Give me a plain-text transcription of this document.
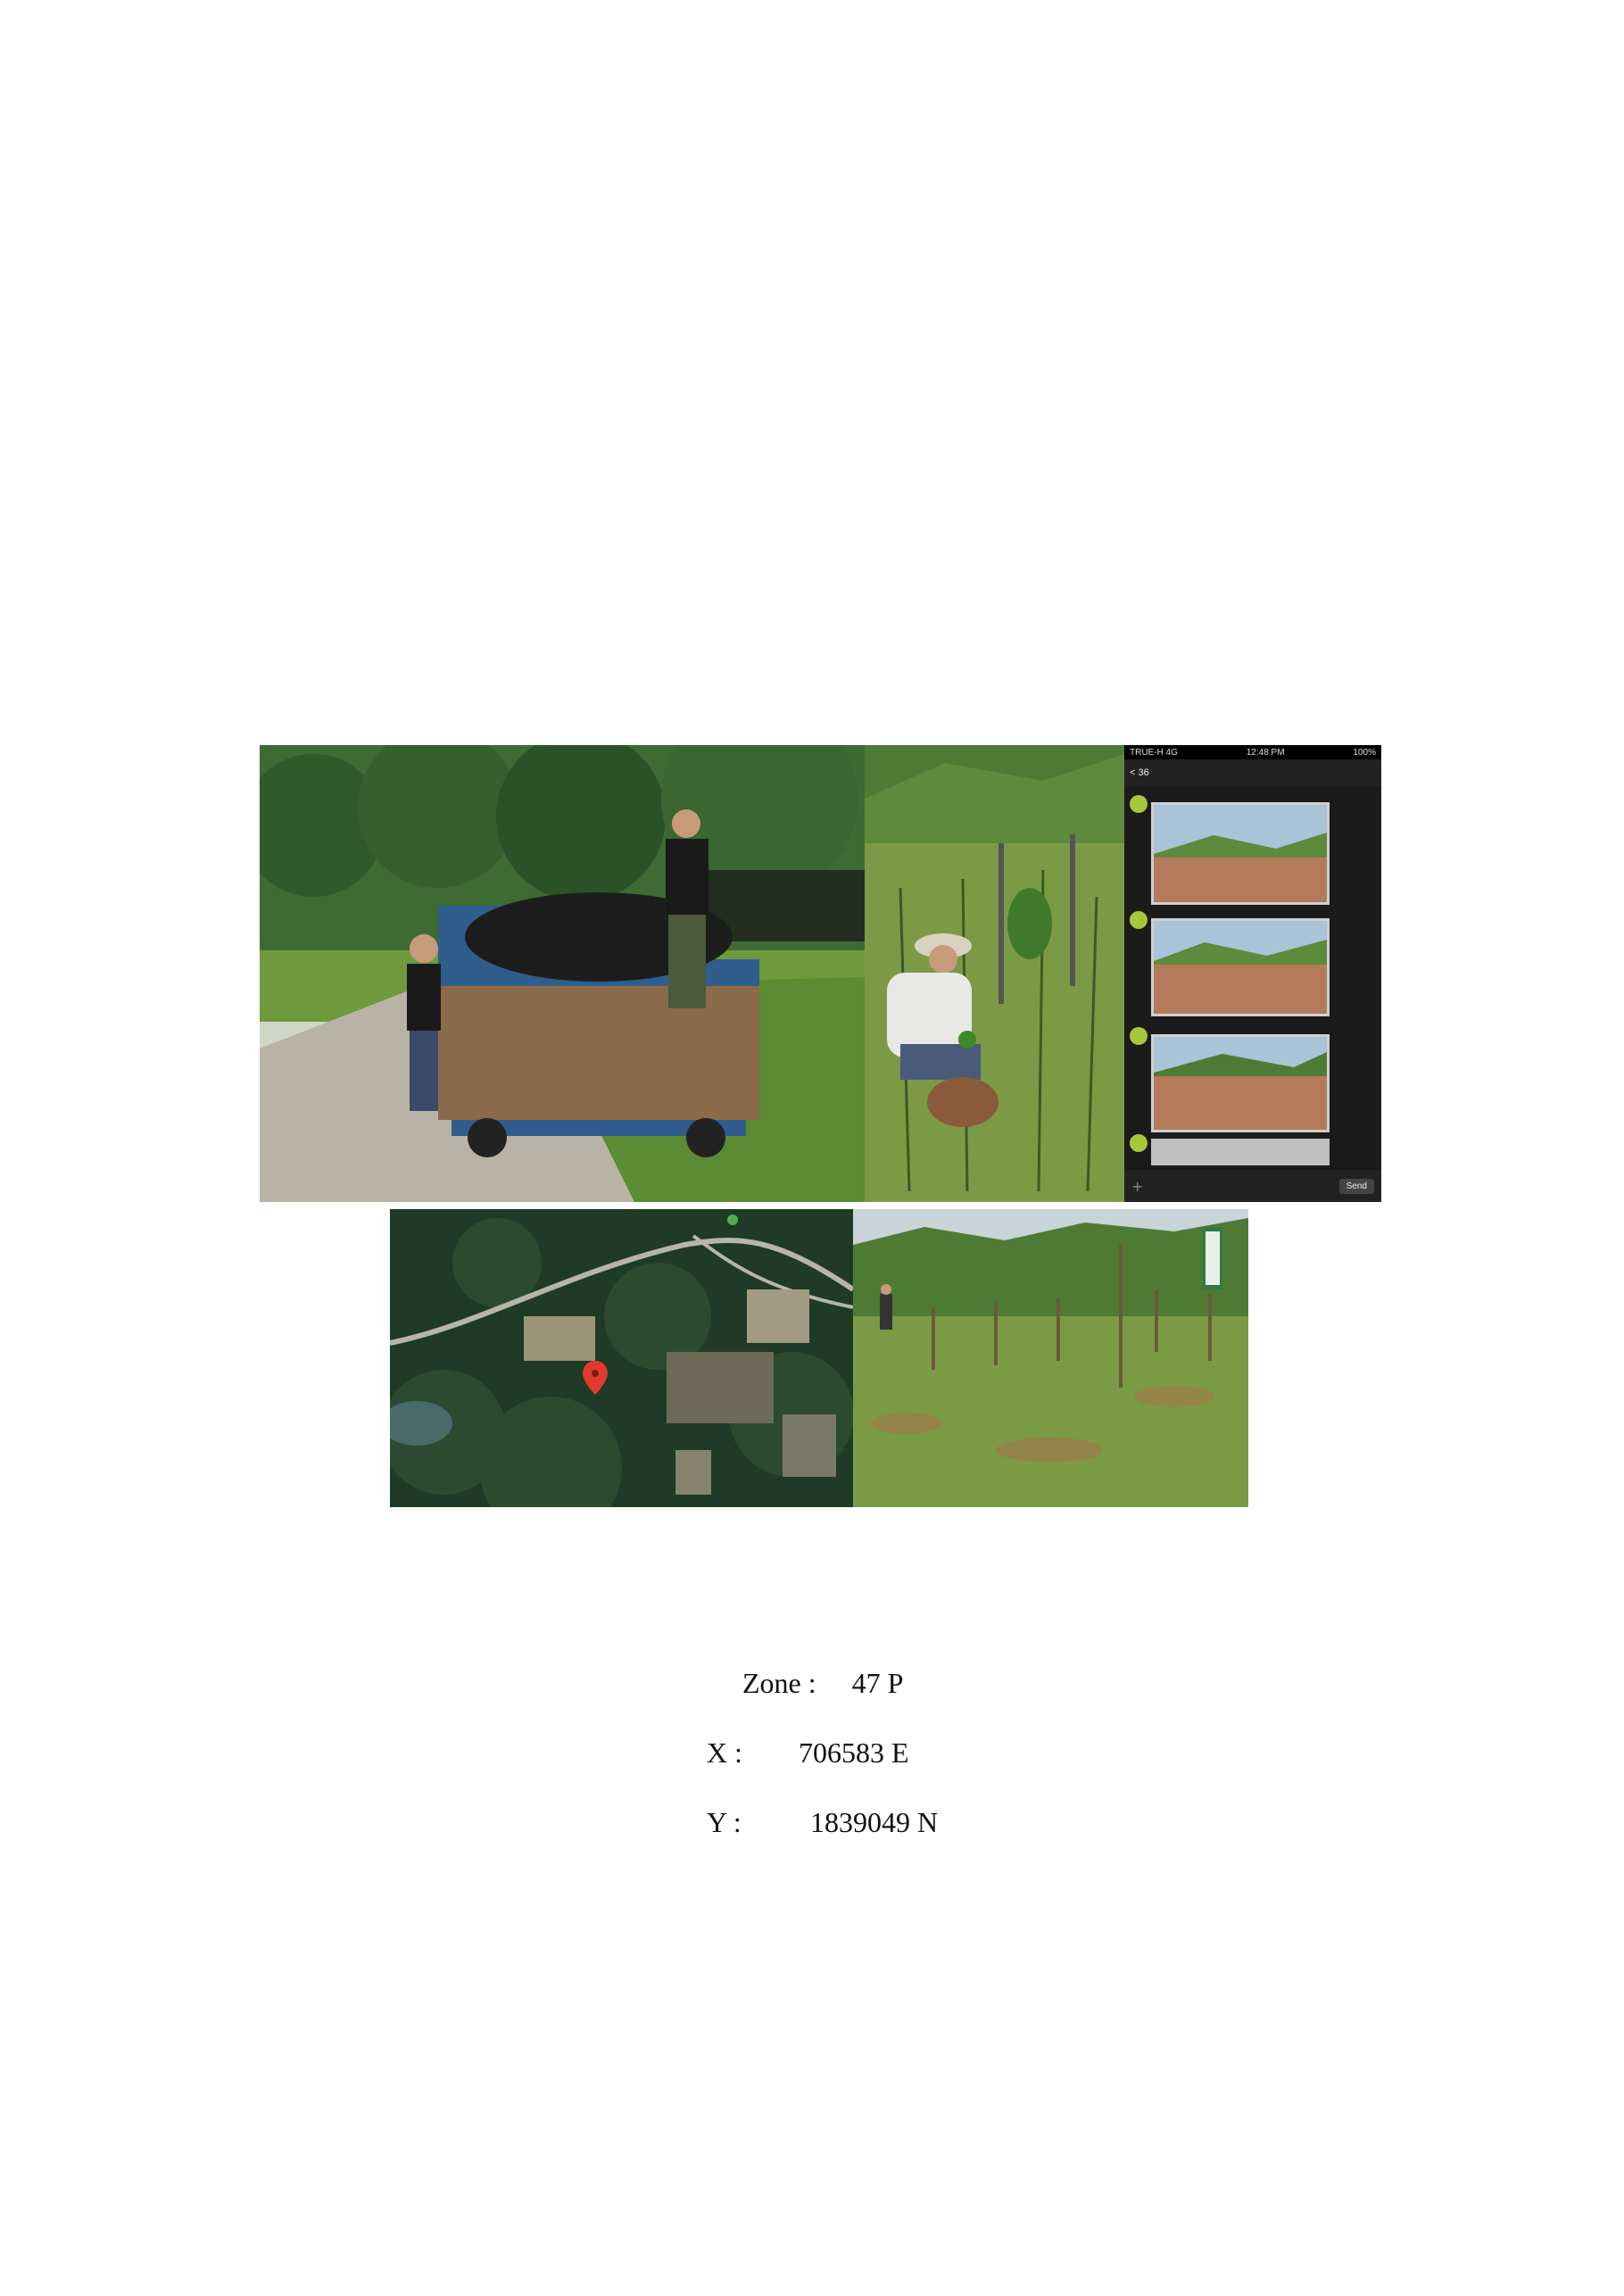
TRUE-H 4G	12:48 PM	100%
< 36
+	Send
Zone : 47 P
X : 706583 E
Y : 1839049 N
